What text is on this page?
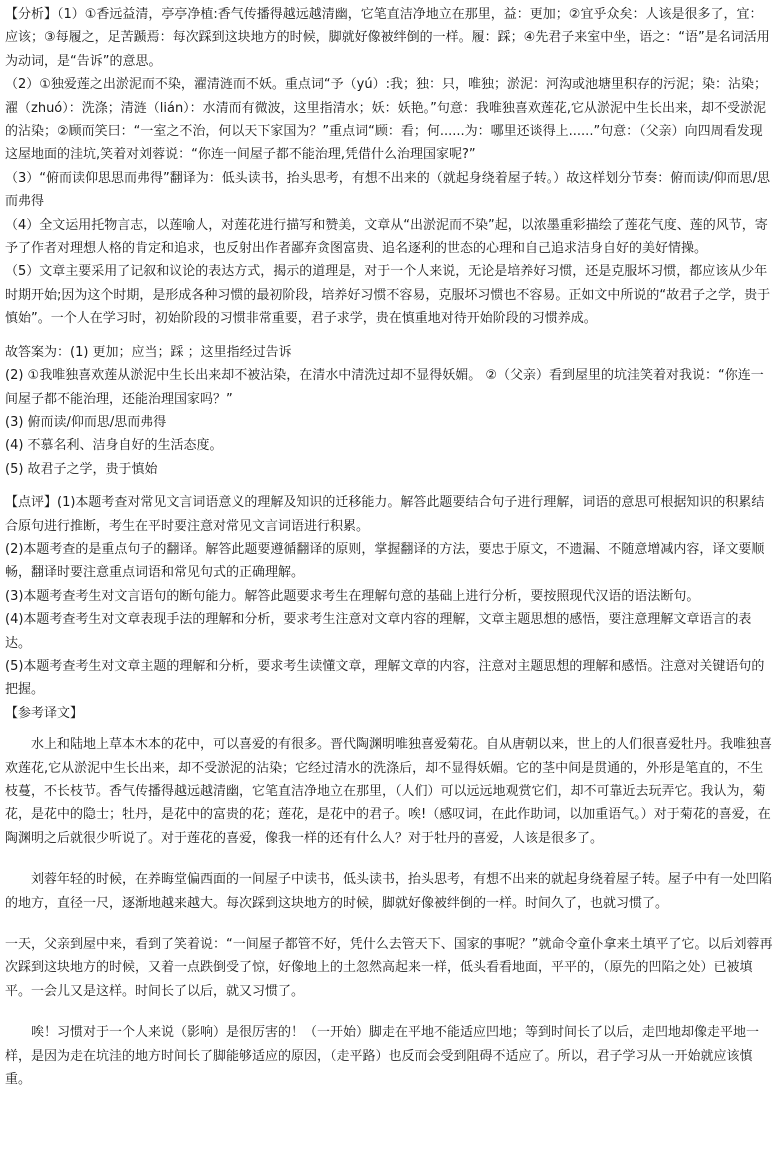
【分析】（1）①香远益清，亭亭净植:香气传播得越远越清幽，它笔直洁净地立在那里，益：更加；②宜乎众矣：人该是很多了，宜：应该；③每履之，足苦踬焉：每次踩到这块地方的时候，脚就好像被绊倒的一样。履：踩；④先君子来室中坐，语之：“语”是名词活用为动词，是“告诉”的意思。

（2）①独爱莲之出淤泥而不染，濯清涟而不妖。重点词“予（yú）:我；独：只，唯独；淤泥：河沟或池塘里积存的污泥；染：沾染；濯（zhuó）：洗涤；清涟（lián）：水清而有微波，这里指清水；妖：妖艳。”句意：我唯独喜欢莲花,它从淤泥中生长出来，却不受淤泥的沾染；②顾而笑曰：“一室之不治，何以天下家国为？”重点词“顾：看；何......为：哪里还谈得上......”句意：（父亲）向四周看发现这屋地面的洼坑,笑着对刘蓉说：“你连一间屋子都不能治理,凭借什么治理国家呢?”

（3）“俯而读仰思思而弗得”翻译为：低头读书，抬头思考，有想不出来的（就起身绕着屋子转。）故这样划分节奏：俯而读/仰而思/思而弗得

（4）全文运用托物言志，以莲喻人，对莲花进行描写和赞美，文章从“出淤泥而不染”起，以浓墨重彩描绘了莲花气度、莲的风节，寄予了作者对理想人格的肯定和追求，也反射出作者鄙弃贪图富贵、追名逐利的世态的心理和自己追求洁身自好的美好情操。

（5）文章主要采用了记叙和议论的表达方式，揭示的道理是，对于一个人来说，无论是培养好习惯，还是克服坏习惯，都应该从少年时期开始;因为这个时期，是形成各种习惯的最初阶段，培养好习惯不容易，克服坏习惯也不容易。正如文中所说的“故君子之学，贵于慎始”。一个人在学习时，初始阶段的习惯非常重要，君子求学，贵在慎重地对待开始阶段的习惯养成。

故答案为：(1) 更加；应当；踩 ；这里指经过告诉

(2) ①我唯独喜欢莲从淤泥中生长出来却不被沾染，在清水中清洗过却不显得妖媚。 ②（父亲）看到屋里的坑洼笑着对我说：“你连一间屋子都不能治理，还能治理国家吗？”

(3) 俯而读/仰而思/思而弗得

(4) 不慕名利、洁身自好的生活态度。

(5) 故君子之学，贵于慎始

【点评】(1)本题考查对常见文言词语意义的理解及知识的迁移能力。解答此题要结合句子进行理解，词语的意思可根据知识的积累结合原句进行推断，考生在平时要注意对常见文言词语进行积累。

(2)本题考查的是重点句子的翻译。解答此题要遵循翻译的原则，掌握翻译的方法，要忠于原文，不遗漏、不随意增减内容，译文要顺畅，翻译时要注意重点词语和常见句式的正确理解。

(3)本题考查考生对文言语句的断句能力。解答此题要求考生在理解句意的基础上进行分析，要按照现代汉语的语法断句。

(4)本题考查考生对文章表现手法的理解和分析，要求考生注意对文章内容的理解，文章主题思想的感悟，要注意理解文章语言的表达。

(5)本题考查考生对文章主题的理解和分析，要求考生读懂文章，理解文章的内容，注意对主题思想的理解和感悟。注意对关键语句的把握。

【参考译文】

水上和陆地上草本木本的花中，可以喜爱的有很多。晋代陶渊明唯独喜爱菊花。自从唐朝以来，世上的人们很喜爱牡丹。我唯独喜欢莲花,它从淤泥中生长出来，却不受淤泥的沾染；它经过清水的洗涤后，却不显得妖媚。它的茎中间是贯通的，外形是笔直的，不生枝蔓，不长枝节。香气传播得越远越清幽，它笔直洁净地立在那里，（人们）可以远远地观赏它们，却不可靠近去玩弄它。我认为，菊花，是花中的隐士；牡丹，是花中的富贵的花；莲花，是花中的君子。唉!（感叹词，在此作助词，以加重语气。）对于菊花的喜爱，在陶渊明之后就很少听说了。对于莲花的喜爱，像我一样的还有什么人？对于牡丹的喜爱，人该是很多了。

刘蓉年轻的时候，在养晦堂偏西面的一间屋子中读书，低头读书，抬头思考，有想不出来的就起身绕着屋子转。屋子中有一处凹陷的地方，直径一尺，逐渐地越来越大。每次踩到这块地方的时候，脚就好像被绊倒的一样。时间久了，也就习惯了。

一天，父亲到屋中来，看到了笑着说：“一间屋子都管不好，凭什么去管天下、国家的事呢？”就命令童仆拿来土填平了它。以后刘蓉再次踩到这块地方的时候，又着一点跌倒受了惊，好像地上的土忽然高起来一样，低头看看地面，平平的，（原先的凹陷之处）已被填平。一会儿又是这样。时间长了以后，就又习惯了。

唉！习惯对于一个人来说（影响）是很厉害的！（一开始）脚走在平地不能适应凹地；等到时间长了以后，走凹地却像走平地一样，是因为走在坑洼的地方时间长了脚能够适应的原因，（走平路）也反而会受到阻碍不适应了。所以，君子学习从一开始就应该慎重。
